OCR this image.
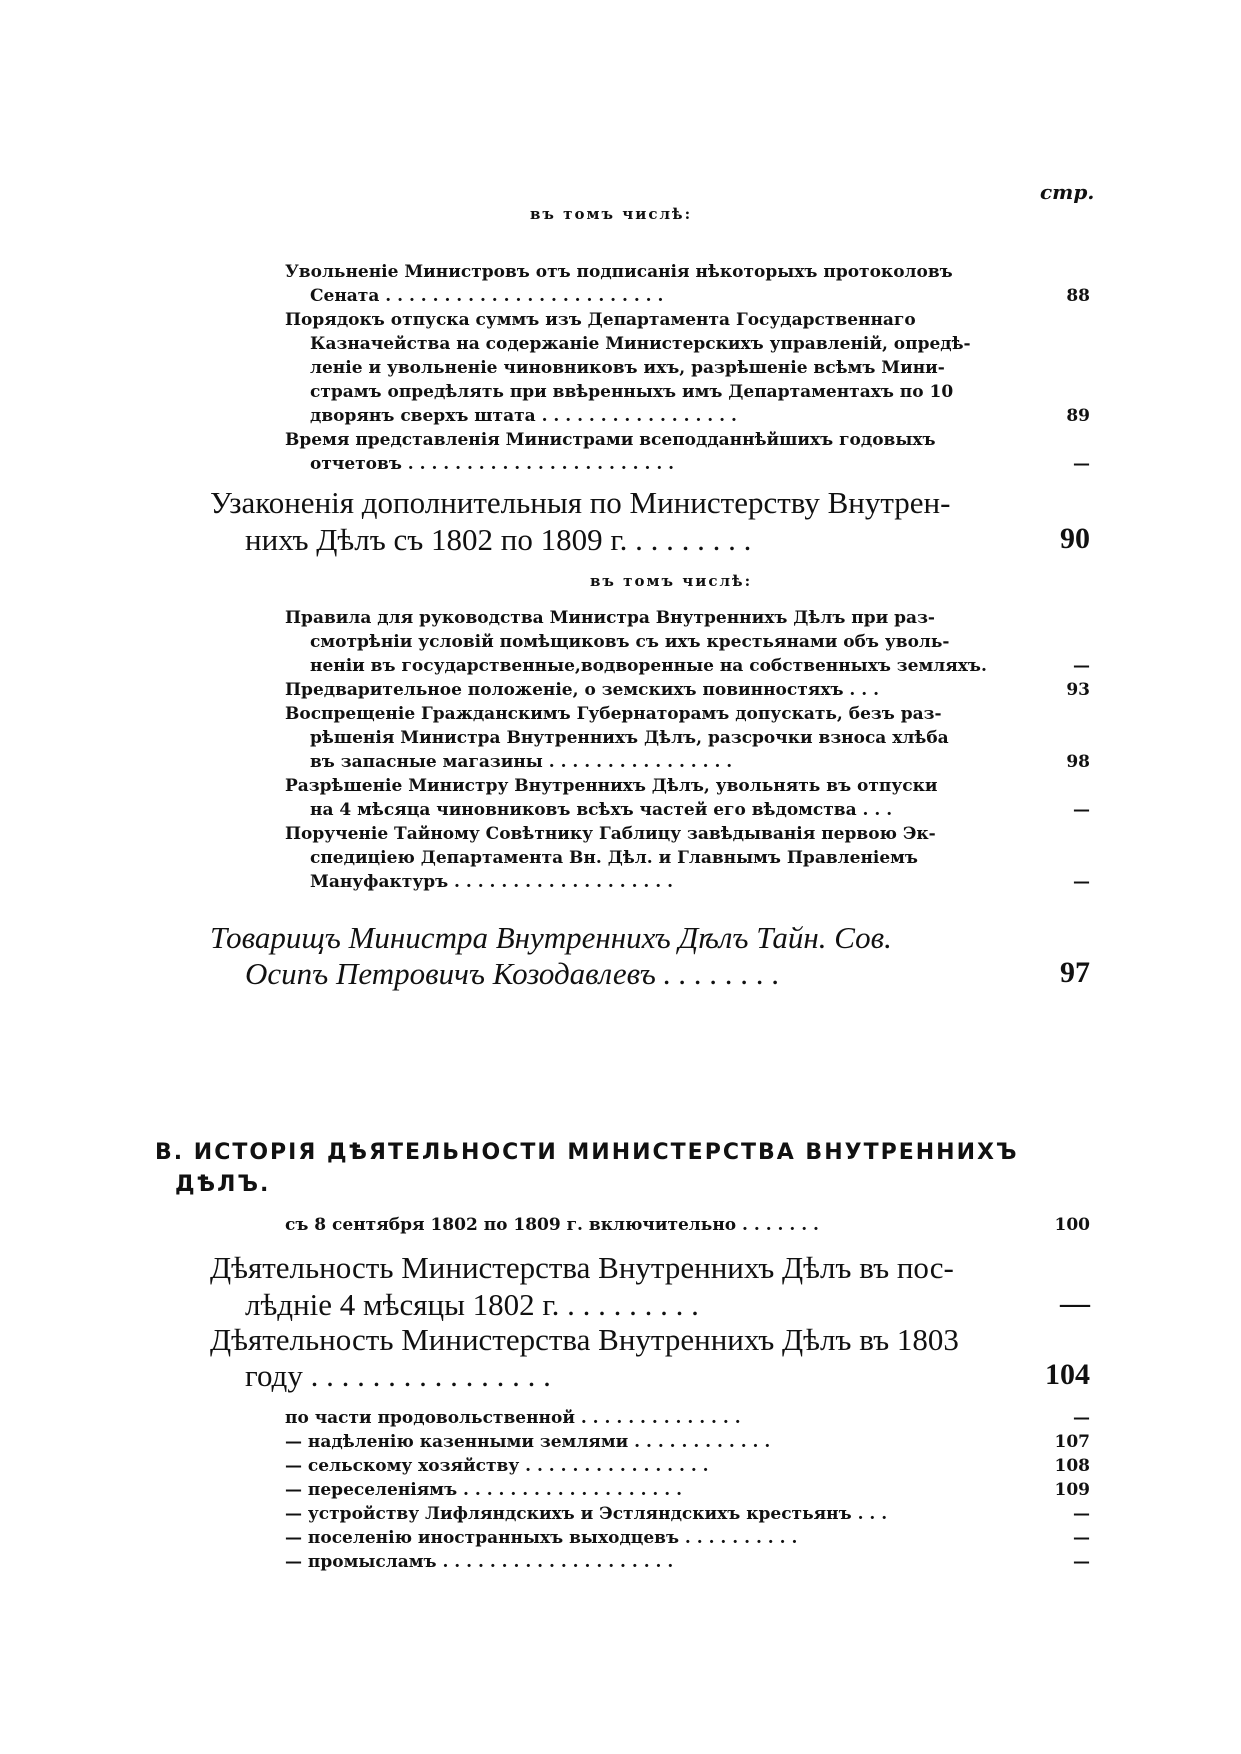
стр.
въ томъ числѣ:
Увольненіе Министровъ отъ подписанія нѣкоторыхъ протоколовъ
Сената . . . . . . . . . . . . . . . . . . . . . . . .	88
Порядокъ отпуска суммъ изъ Департамента Государственнаго
Казначейства на содержаніе Министерскихъ управленій, опредѣ-
леніе и увольненіе чиновниковъ ихъ, разрѣшеніе всѣмъ Мини-
страмъ опредѣлять при ввѣренныхъ имъ Департаментахъ по 10
дворянъ сверхъ штата . . . . . . . . . . . . . . . . .	89
Время представленія Министрами всеподданнѣйшихъ годовыхъ
отчетовъ . . . . . . . . . . . . . . . . . . . . . . .	—
Узаконенія дополнительныя по Министерству Внутрен-
нихъ Дѣлъ съ 1802 по 1809 г. . . . . . . . .	90
въ томъ числѣ:
Правила для руководства Министра Внутреннихъ Дѣлъ при раз-
смотрѣніи условій помѣщиковъ съ ихъ крестьянами объ уволь-
неніи въ государственные,водворенные на собственныхъ земляхъ.	—
Предварительное положеніе, о земскихъ повинностяхъ . . .	93
Воспрещеніе Гражданскимъ Губернаторамъ допускать, безъ раз-
рѣшенія Министра Внутреннихъ Дѣлъ, разсрочки взноса хлѣба
въ запасные магазины . . . . . . . . . . . . . . . .	98
Разрѣшеніе Министру Внутреннихъ Дѣлъ, увольнять въ отпуски
на 4 мѣсяца чиновниковъ всѣхъ частей его вѣдомства . . .	—
Порученіе Тайному Совѣтнику Габлицу завѣдыванія первою Эк-
спедиціею Департамента Вн. Дѣл. и Главнымъ Правленіемъ
Мануфактуръ . . . . . . . . . . . . . . . . . . .	—
Товарищъ Министра Внутреннихъ Дѣлъ Тайн. Сов.
Осипъ Петровичъ Козодавлевъ . . . . . . . .	97
В. ИСТОРІЯ ДѢЯТЕЛЬНОСТИ МИНИСТЕРСТВА ВНУТРЕННИХЪ
ДѢЛЪ.
съ 8 сентября 1802 по 1809 г. включительно . . . . . . .	100
Дѣятельность Министерства Внутреннихъ Дѣлъ въ пос-
лѣдніе 4 мѣсяцы 1802 г. . . . . . . . . .	—
Дѣятельность Министерства Внутреннихъ Дѣлъ въ 1803
году . . . . . . . . . . . . . . . .	104
по части продовольственной . . . . . . . . . . . . . .	—
— надѣленію казенными землями . . . . . . . . . . . .	107
— сельскому хозяйству . . . . . . . . . . . . . . . .	108
— переселеніямъ . . . . . . . . . . . . . . . . . . .	109
— устройству Лифляндскихъ и Эстляндскихъ крестьянъ . . .	—
— поселенію иностранныхъ выходцевъ . . . . . . . . . .	—
— промысламъ . . . . . . . . . . . . . . . . . . . .	—
